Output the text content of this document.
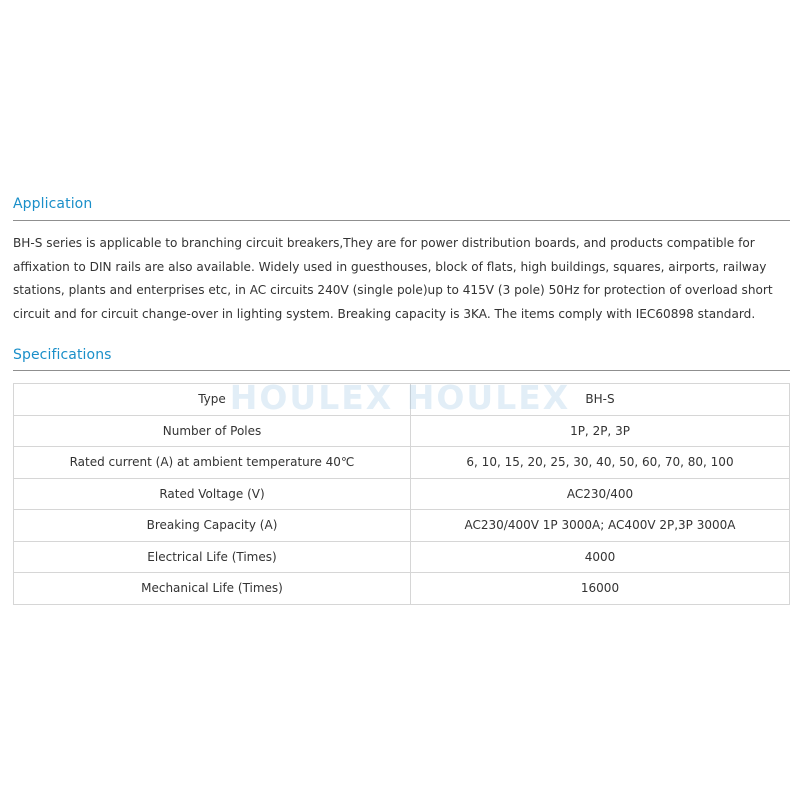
Application

BH-S series is applicable to branching circuit breakers,They are for power distribution boards, and products compatible for affixation to DIN rails are also available. Widely used in guesthouses, block of flats, high buildings, squares, airports, railway stations, plants and enterprises etc, in AC circuits 240V (single pole)up to 415V (3 pole) 50Hz for protection of overload short circuit and for circuit change-over in lighting system. Breaking capacity is 3KA. The items comply with IEC60898 standard.

Specifications
Type	BH-S
Number of Poles	1P, 2P, 3P
Rated current (A) at ambient temperature 40℃	6, 10, 15, 20, 25, 30, 40, 50, 60, 70, 80, 100
Rated Voltage (V)	AC230/400
Breaking Capacity (A)	AC230/400V 1P 3000A; AC400V 2P,3P 3000A
Electrical Life (Times)	4000
Mechanical Life (Times)	16000
HOULEX HOULEX
